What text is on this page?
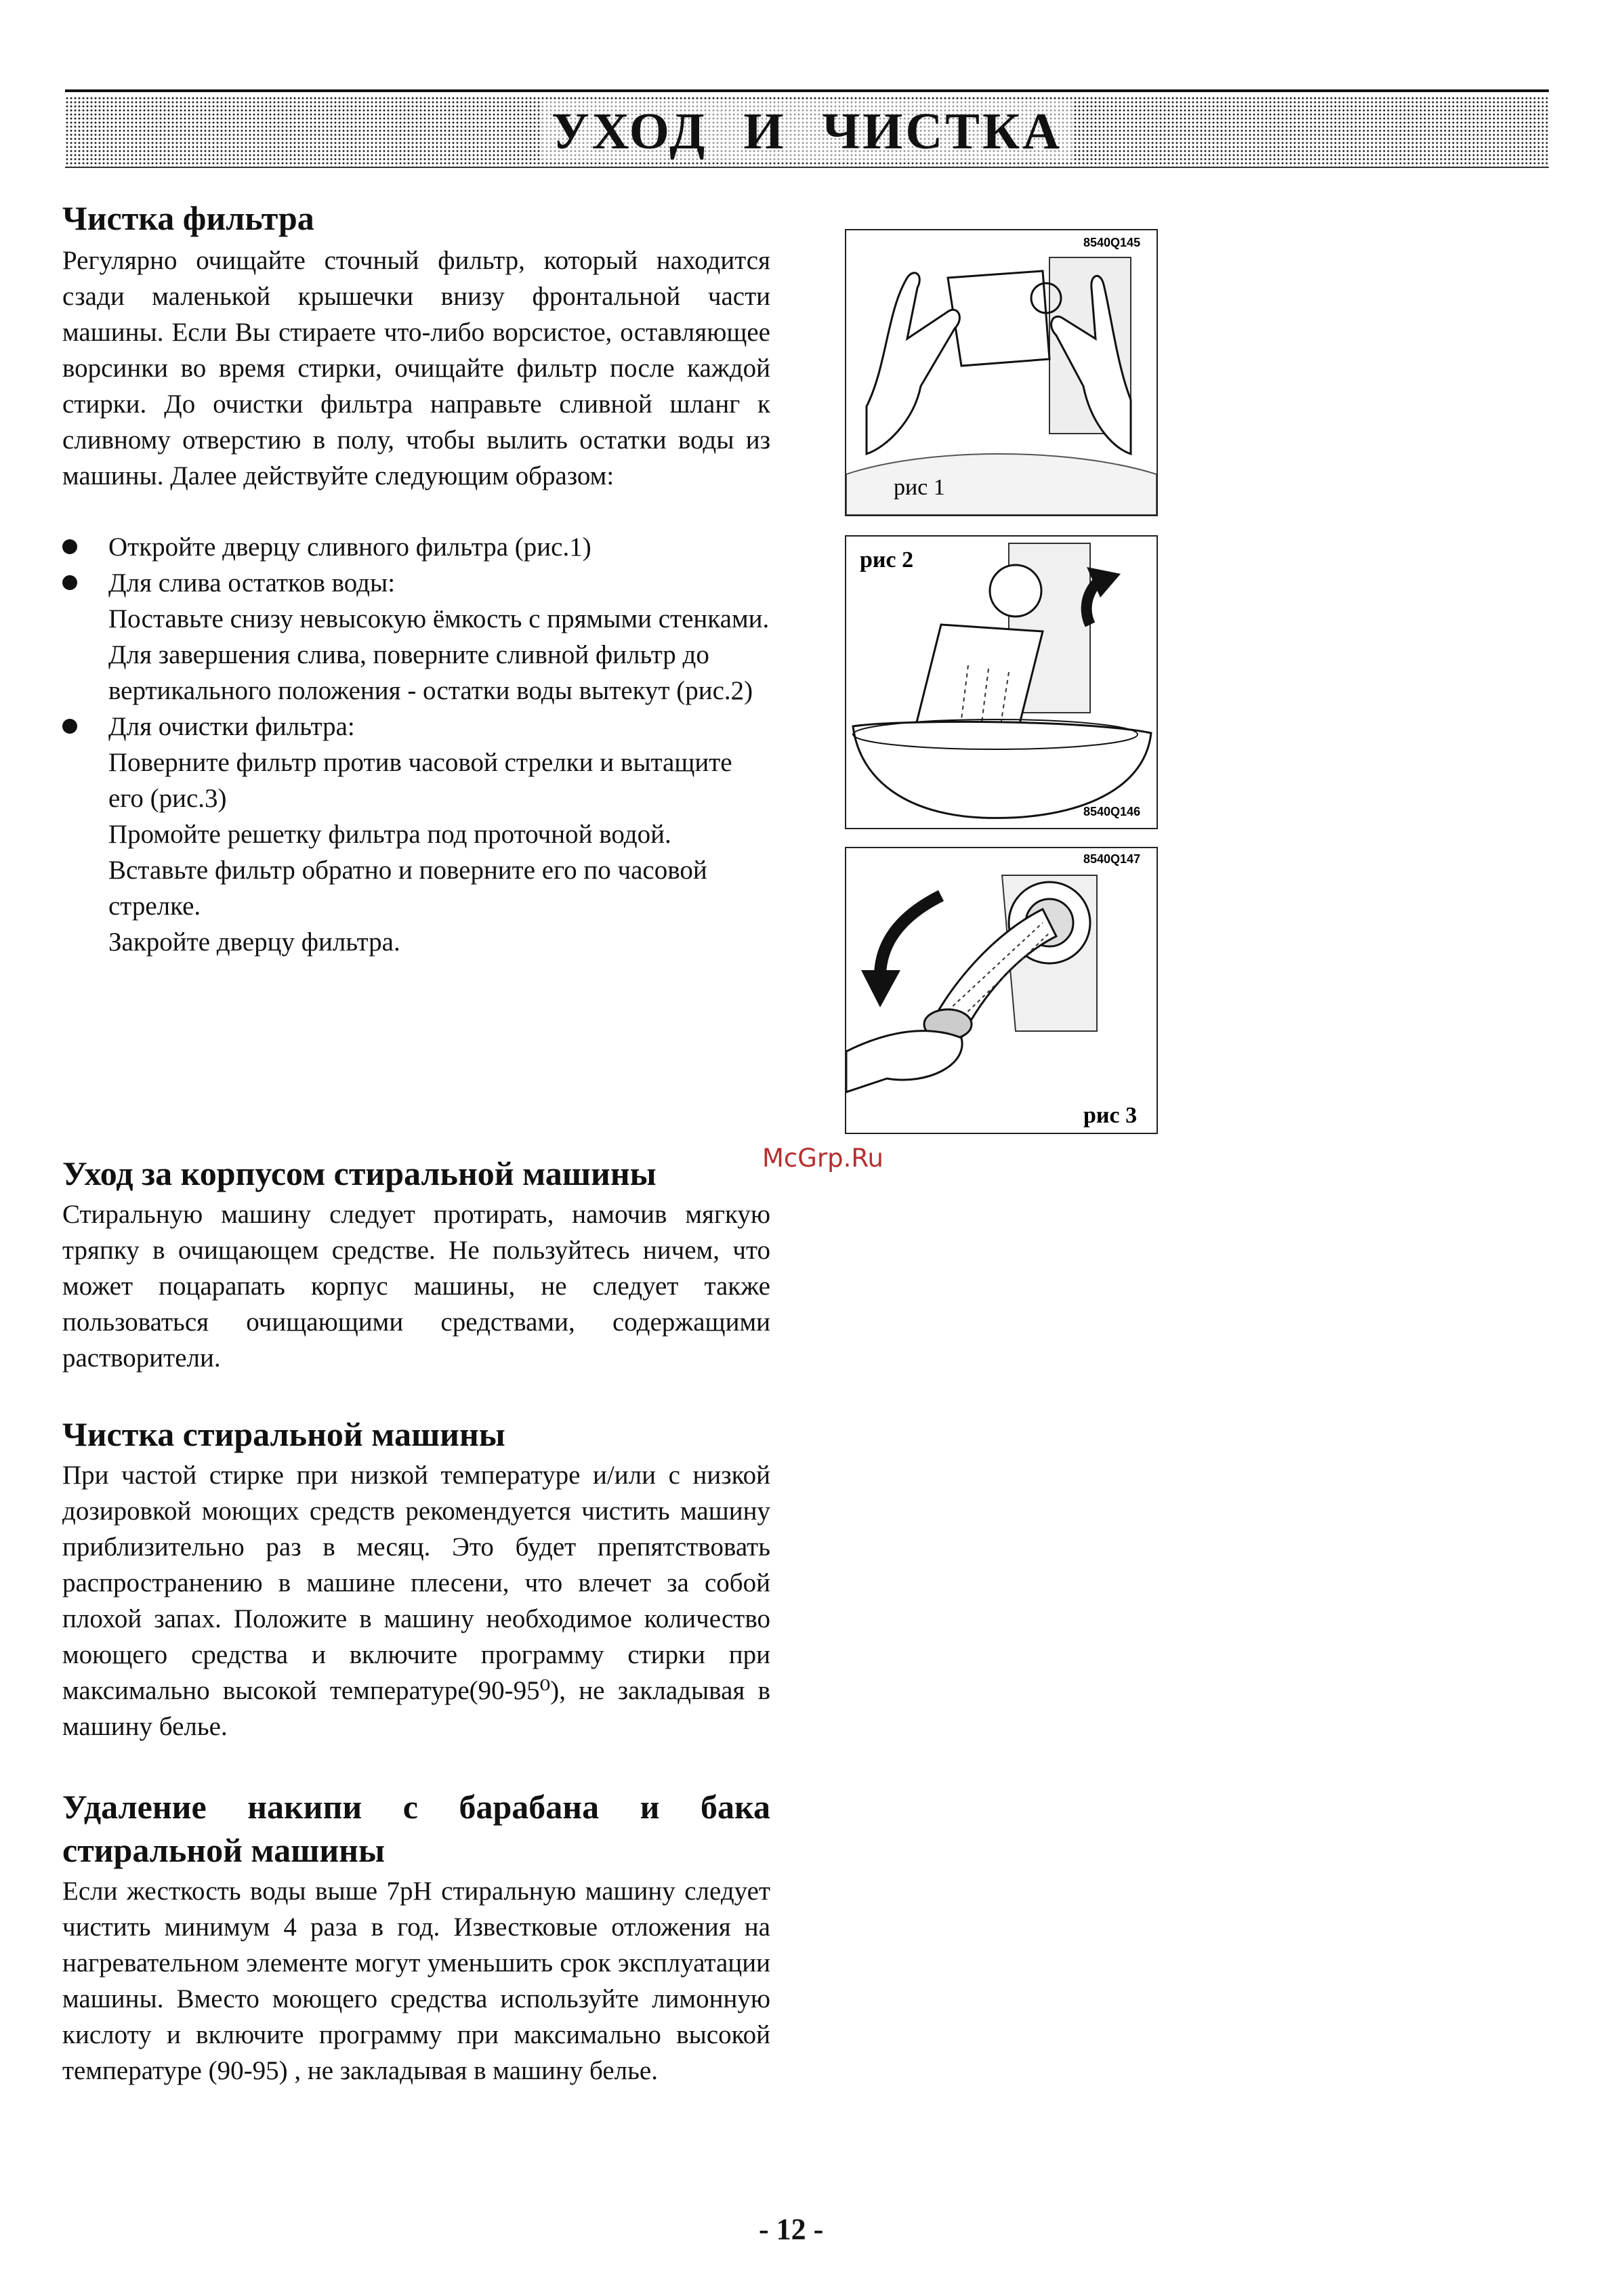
УХОД И ЧИСТКА
Чистка фильтра

Регулярно очищайте сточный фильтр, который находится сзади маленькой крышечки внизу фронтальной части машины. Если Вы стираете что-либо ворсистое, оставляющее ворсинки во время стирки, очищайте фильтр после каждой стирки. До очистки фильтра направьте сливной шланг к сливному отверстию в полу, чтобы вылить остатки воды из машины. Далее действуйте следующим образом:

Откройте дверцу сливного фильтра (рис.1)
Для слива остатков воды:
Поставьте снизу невысокую ёмкость с прямыми стенками.
Для завершения слива, поверните сливной фильтр до вертикального положения - остатки воды вытекут (рис.2)
Для очистки фильтра:
Поверните фильтр против часовой стрелки и вытащите его (рис.3)
Промойте решетку фильтра под проточной водой.
Вставьте фильтр обратно и поверните его по часовой стрелке.
Закройте дверцу фильтра.
Уход за корпусом стиральной машины

Стиральную машину следует протирать, намочив мягкую тряпку в очищающем средстве. Не пользуйтесь ничем, что может поцарапать корпус машины, не следует также пользоваться очищающими средствами, содержащими растворители.

Чистка стиральной машины

При частой стирке при низкой температуре и/или с низкой дозировкой моющих средств рекомендуется чистить машину приблизительно раз в месяц. Это будет препятствовать распространению в машине плесени, что влечет за собой плохой запах. Положите в машину необходимое количество моющего средства и включите программу стирки при максимально высокой температуре(90-95⁰), не закладывая в машину белье.

Удаление накипи с барабана и бака стиральной машины

Если жесткость воды выше 7pH стиральную машину следует чистить минимум 4 раза в год. Известковые отложения на нагревательном элементе могут уменьшить срок эксплуатации машины. Вместо моющего средства используйте лимонную кислоту и включите программу при максимально высокой температуре (90-95) , не закладывая в машину белье.

8540Q145
рис 1
рис 2
8540Q146
8540Q147
рис 3
McGrp.Ru
- 12 -
